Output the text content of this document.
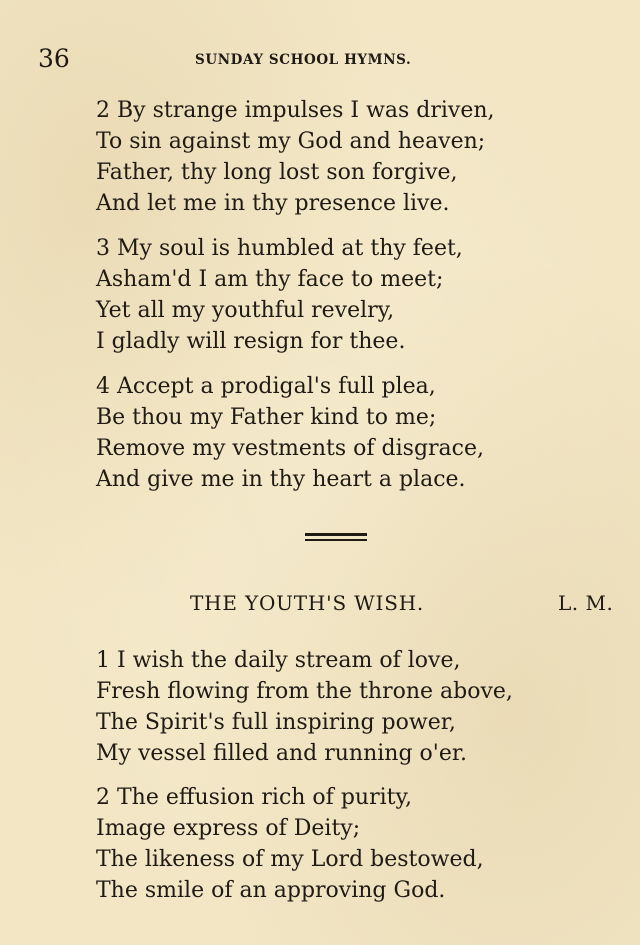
36	SUNDAY SCHOOL HYMNS.
2 By strange impulses I was driven,
To sin against my God and heaven;
Father, thy long lost son forgive,
And let me in thy presence live.
3 My soul is humbled at thy feet,
Asham'd I am thy face to meet;
Yet all my youthful revelry,
I gladly will resign for thee.
4 Accept a prodigal's full plea,
Be thou my Father kind to me;
Remove my vestments of disgrace,
And give me in thy heart a place.
THE YOUTH'S WISH.	L. M.
1 I wish the daily stream of love,
Fresh flowing from the throne above,
The Spirit's full inspiring power,
My vessel filled and running o'er.
2 The effusion rich of purity,
Image express of Deity;
The likeness of my Lord bestowed,
The smile of an approving God.
